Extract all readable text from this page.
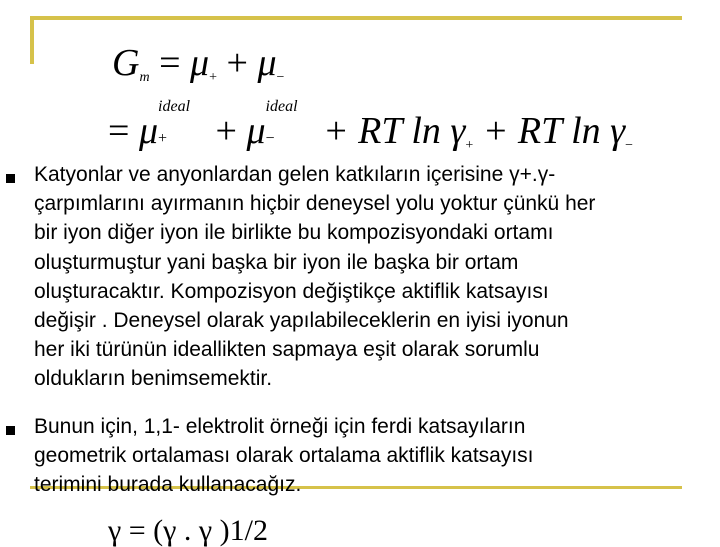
$G_m = \mu_+ + \mu_-$
= μ
ideal
+ + μ
ideal
− + RT $\ln \gamma_+$ + RT $\ln \gamma_-$
Katyonlar ve anyonlardan gelen katkıların içerisine γ+.γ-
çarpımlarını ayırmanın hiçbir deneysel yolu yoktur çünkü her
bir iyon diğer iyon ile birlikte bu kompozisyondaki ortamı
oluşturmuştur yani başka bir iyon ile başka bir ortam
oluşturacaktır. Kompozisyon değiştikçe aktiflik katsayısı
değişir . Deneysel olarak yapılabileceklerin en iyisi iyonun
her iki türünün ideallikten sapmaya eşit olarak sorumlu
oldukların benimsemektir.
Bunun için, 1,1- elektrolit örneği için ferdi katsayıların
geometrik ortalaması olarak ortalama aktiflik katsayısı
terimini burada kullanacağız.
γ = (γ . γ )1/2
